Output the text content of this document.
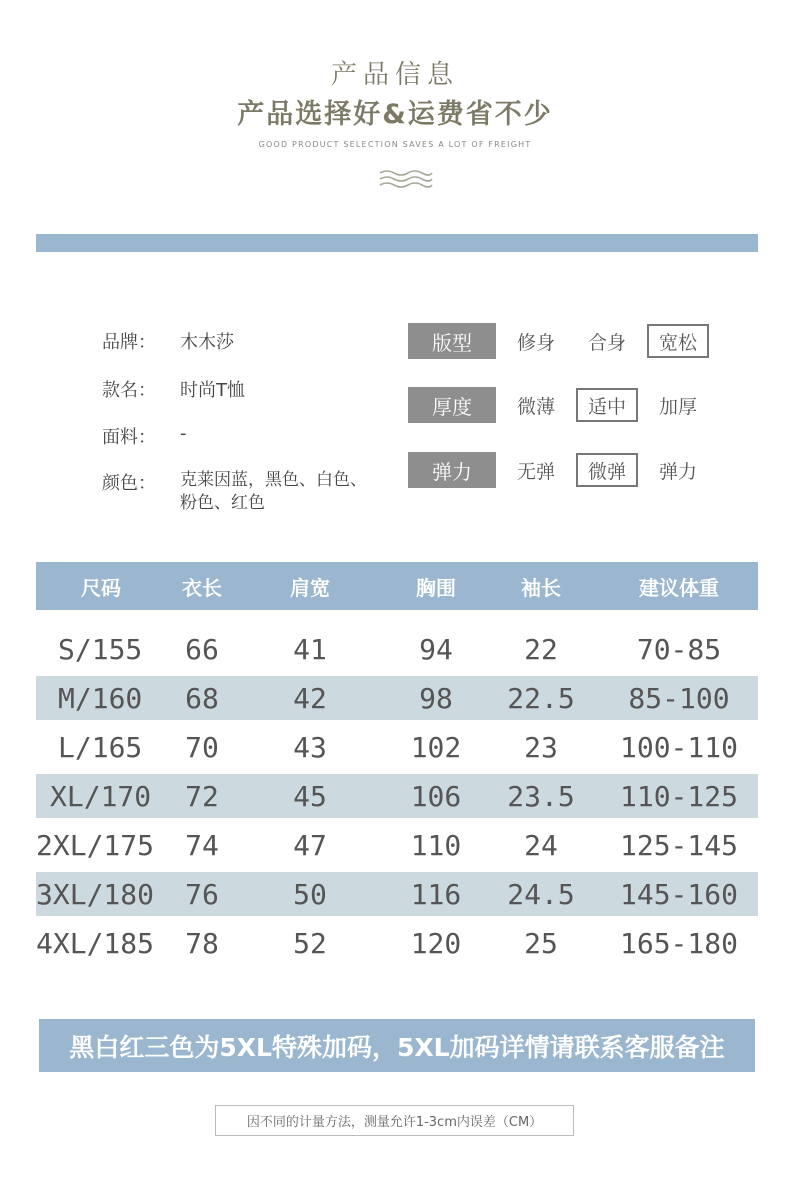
产品信息
产品选择好&运费省不少
GOOD PRODUCT SELECTION SAVES A LOT OF FREIGHT
品牌： 木木莎
款名： 时尚T恤
面料： -
颜色： 克莱因蓝，黑色、白色、
粉色、红色
版型	修身	合身	宽松
厚度	微薄	适中	加厚
弹力	无弹	微弹	弹力
尺码	衣长	肩宽	胸围	袖长	建议体重
S/155	66	41	94	22	70-85
M/160	68	42	98	22.5	85-100
L/165	70	43	102	23	100-110
XL/170	72	45	106	23.5	110-125
2XL/175	74	47	110	24	125-145
3XL/180	76	50	116	24.5	145-160
4XL/185	78	52	120	25	165-180
黑白红三色为5XL特殊加码，5XL加码详情请联系客服备注
因不同的计量方法，测量允许1-3cm内误差（CM）
